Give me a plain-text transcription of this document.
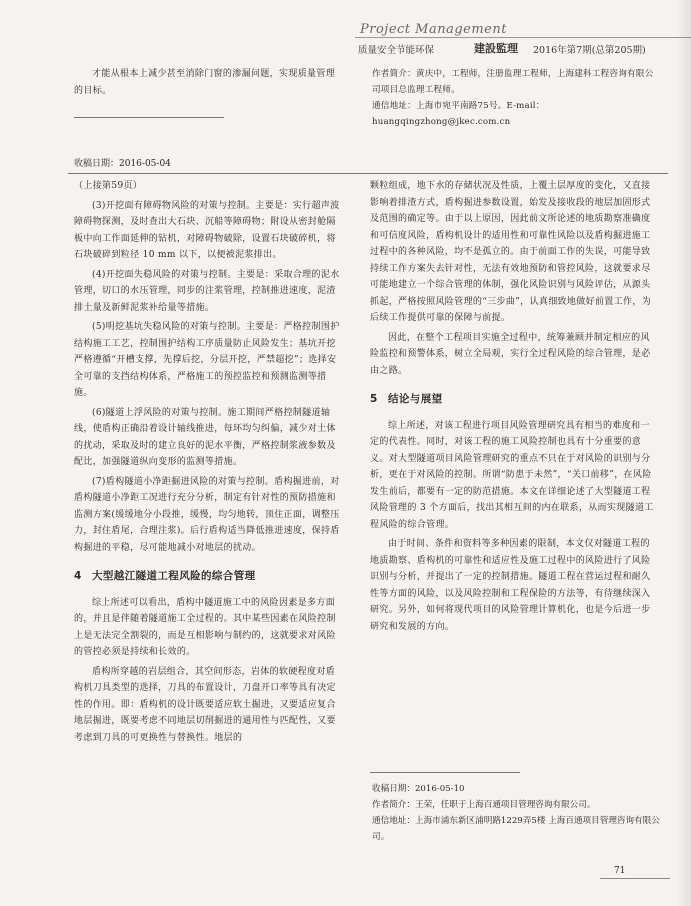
Project Management
质量安全节能环保	建設監理 2016年第7期(总第205期)

才能从根本上减少甚至消除门窗的渗漏问题，实现质量管理的目标。

收稿日期：2016-05-04
作者简介：黄庆中，工程师，注册监理工程师，上海建科工程咨询有限公司项目总监理工程师。
通信地址：上海市宛平南路75号。E-mail：huangqingzhong@jkec.com.cn

（上接第59页）

(3)开挖面有障碍物风险的对策与控制。主要是：实行超声波障碍物探测，及时查出大石块、沉船等障碍物；附设从密封舱隔板中向工作面延伸的钻机，对障碍物破除，设置石块破碎机，将石块破碎到粒径 10 mm 以下，以便被泥浆排出。

(4)开挖面失稳风险的对策与控制。主要是：采取合理的泥水管理，切口的水压管理，同步的注浆管理，控制推进速度，泥渣排土量及新鲜泥浆补给量等措施。

(5)明挖基坑失稳风险的对策与控制。主要是：严格控制围护结构施工工艺，控制围护结构工序质量防止风险发生；基坑开挖严格遵循“开槽支撑，先撑后挖，分层开挖，严禁超挖”；选择安全可靠的支挡结构体系，严格施工的预控监控和预测监测等措施。

(6)隧道上浮风险的对策与控制。施工期间严格控制隧道轴线，使盾构正确沿着设计轴线推进，每环均匀纠偏，减少对土体的扰动，采取及时的建立良好的泥水平衡，严格控制浆液参数及配比，加强隧道纵向变形的监测等措施。

(7)盾构隧道小净距掘进风险的对策与控制。盾构掘进前，对盾构隧道小净距工况进行充分分析，制定有针对性的预防措施和监测方案(缓缓地分小段推，缓慢，均匀地转，顶住正面，调整压力，封住盾尾，合理注浆)。后行盾构适当降低推进速度，保持盾构掘进的平稳，尽可能地减小对地层的扰动。

4 大型越江隧道工程风险的综合管理

综上所述可以看出，盾构中隧道施工中的风险因素是多方面的，并且是伴随着隧道施工全过程的。其中某些因素在风险控制上是无法完全割裂的，而是互相影响与制约的，这就要求对风险的管控必须是持续和长效的。

盾构所穿越的岩层组合，其空间形态，岩体的软硬程度对盾构机刀具类型的选择，刀具的布置设计，刀盘开口率等具有决定性的作用。即：盾构机的设计既要适应软土掘进，又要适应复合地层掘进，既要考虑不同地层切削掘进的通用性与匹配性，又要考虑到刀具的可更换性与替换性。地层的

颗粒组成，地下水的存储状况及性质，上覆土层厚度的变化，又直接影响着排渣方式，盾构掘进参数设置，始发及接收段的地层加固形式及范围的确定等。由于以上原因，因此前文所论述的地质勘察准确度和可信度风险，盾构机设计的适用性和可靠性风险以及盾构掘进施工过程中的各种风险，均不是孤立的。由于前面工作的失误，可能导致持续工作方案失去针对性，无法有效地预防和管控风险，这就要求尽可能地建立一个综合管理的体制，强化风险识别与风险评估，从源头抓起，严格按照风险管理的“三步曲”，认真细致地做好前置工作，为后续工作提供可靠的保障与前提。

因此，在整个工程项目实施全过程中，统筹兼顾并制定相应的风险监控和预警体系，树立全局观，实行全过程风险的综合管理，是必由之路。

5 结论与展望

综上所述，对该工程进行项目风险管理研究具有相当的难度和一定的代表性。同时，对该工程的施工风险控制也具有十分重要的意义。对大型隧道项目风险管理研究的重点不只在于对风险的识别与分析，更在于对风险的控制。所谓“防患于未然”，“关口前移”，在风险发生前后，都要有一定的防范措施。本文在详细论述了大型隧道工程风险管理的 3 个方面后，找出其相互间的内在联系，从而实现隧道工程风险的综合管理。

由于时间、条件和资料等多种因素的限制，本文仅对隧道工程的地质勘察、盾构机的可靠性和适应性及施工过程中的风险进行了风险识别与分析，并提出了一定的控制措施。隧道工程在营运过程和耐久性等方面的风险，以及风险控制和工程保险的方法等，有待继续深入研究。另外，如何将现代项目的风险管理计算机化，也是今后进一步研究和发展的方向。

收稿日期：2016-05-10
作者简介：王荣，任职于上海百通项目管理咨询有限公司。
通信地址：上海市浦东新区浦明路1229弄5楼 上海百通项目管理咨询有限公司。
71
